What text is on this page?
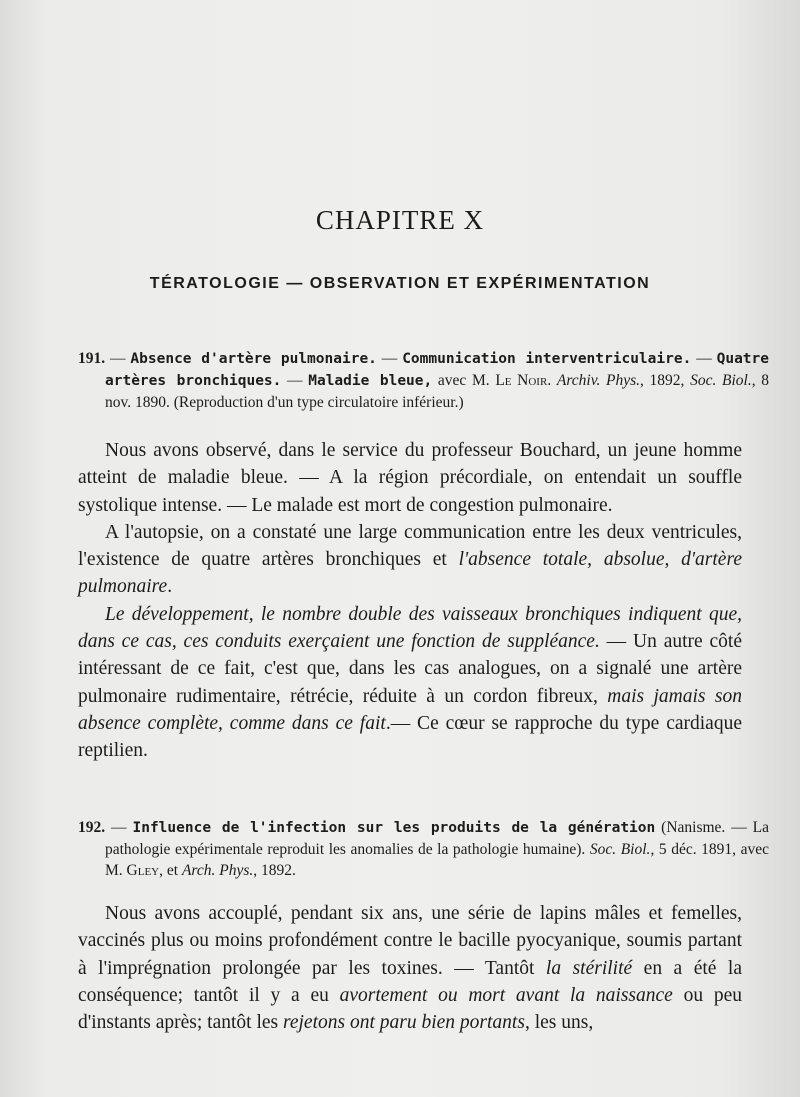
CHAPITRE X
TÉRATOLOGIE — OBSERVATION ET EXPÉRIMENTATION
191. — Absence d'artère pulmonaire. — Communication interventriculaire. — Quatre artères bronchiques. — Maladie bleue, avec M. Le Noir. Archiv. Phys., 1892, Soc. Biol., 8 nov. 1890. (Reproduction d'un type circulatoire inférieur.)

Nous avons observé, dans le service du professeur Bouchard, un jeune homme atteint de maladie bleue. — A la région précordiale, on entendait un souffle systolique intense. — Le malade est mort de congestion pulmonaire.

A l'autopsie, on a constaté une large communication entre les deux ventricules, l'existence de quatre artères bronchiques et l'absence totale, absolue, d'artère pulmonaire.

Le développement, le nombre double des vaisseaux bronchiques indiquent que, dans ce cas, ces conduits exerçaient une fonction de suppléance. — Un autre côté intéressant de ce fait, c'est que, dans les cas analogues, on a signalé une artère pulmonaire rudimentaire, rétrécie, réduite à un cordon fibreux, mais jamais son absence complète, comme dans ce fait.— Ce cœur se rapproche du type cardiaque reptilien.

192. — Influence de l'infection sur les produits de la génération (Nanisme. — La pathologie expérimentale reproduit les anomalies de la pathologie humaine). Soc. Biol., 5 déc. 1891, avec M. Gley, et Arch. Phys., 1892.

Nous avons accouplé, pendant six ans, une série de lapins mâles et femelles, vaccinés plus ou moins profondément contre le bacille pyocyanique, soumis partant à l'imprégnation prolongée par les toxines. — Tantôt la stérilité en a été la conséquence; tantôt il y a eu avortement ou mort avant la naissance ou peu d'instants après; tantôt les rejetons ont paru bien portants, les uns,
